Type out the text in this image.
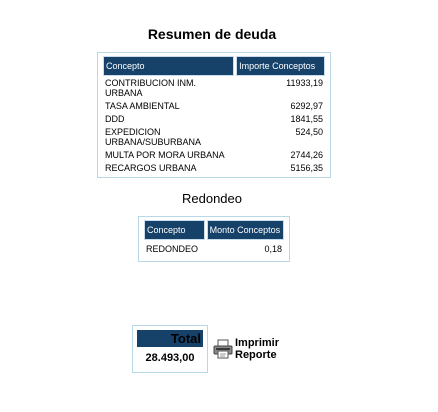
Resumen de deuda
Concepto	Importe Conceptos
CONTRIBUCION INM. URBANA	11933,19
TASA AMBIENTAL	6292,97
DDD	1841,55
EXPEDICION URBANA/SUBURBANA	524,50
MULTA POR MORA URBANA	2744,26
RECARGOS URBANA	5156,35
Redondeo
Concepto	Monto Conceptos
REDONDEO	0,18
Total
28.493,00
Imprimir Reporte
